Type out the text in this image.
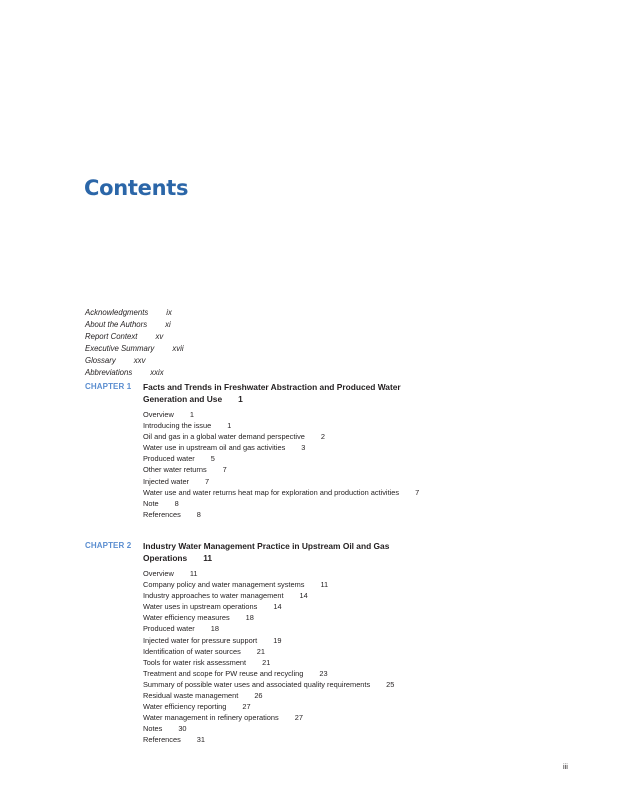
Contents
Acknowledgments ix
About the Authors xi
Report Context xv
Executive Summary xvii
Glossary xxv
Abbreviations xxix
CHAPTER 1	Facts and Trends in Freshwater Abstraction and Produced Water Generation and Use 1
Overview 1
Introducing the issue 1
Oil and gas in a global water demand perspective 2
Water use in upstream oil and gas activities 3
Produced water 5
Other water returns 7
Injected water 7
Water use and water returns heat map for exploration and production activities 7
Note 8
References 8
CHAPTER 2	Industry Water Management Practice in Upstream Oil and Gas Operations 11
Overview 11
Company policy and water management systems 11
Industry approaches to water management 14
Water uses in upstream operations 14
Water efficiency measures 18
Produced water 18
Injected water for pressure support 19
Identification of water sources 21
Tools for water risk assessment 21
Treatment and scope for PW reuse and recycling 23
Summary of possible water uses and associated quality requirements 25
Residual waste management 26
Water efficiency reporting 27
Water management in refinery operations 27
Notes 30
References 31
iii
